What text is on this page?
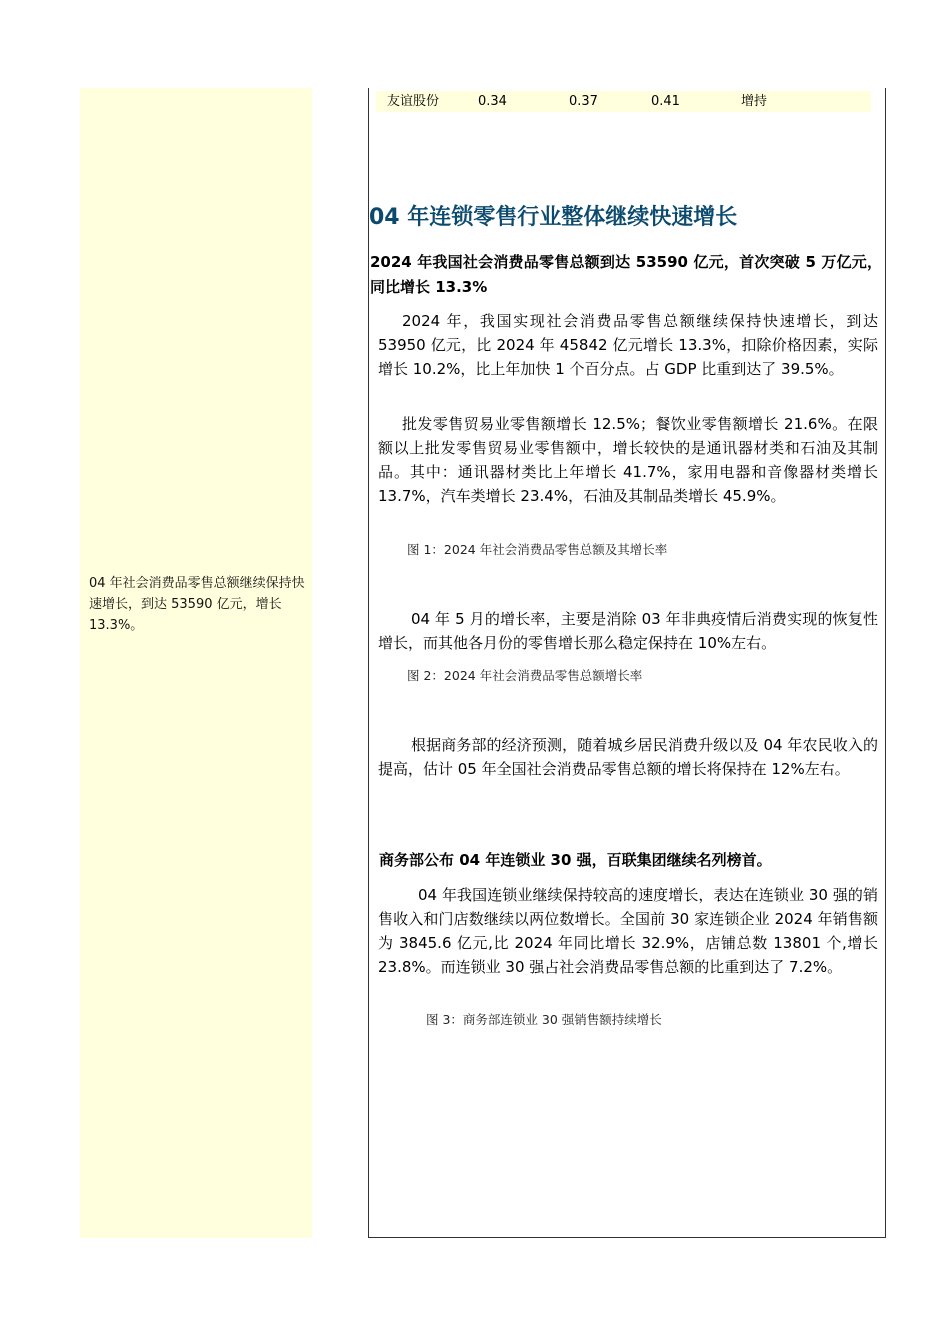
04 年社会消费品零售总额继续保持快速增长，到达 53590 亿元，增长 13.3%。
友谊股份	0.34	0.37	0.41	增持
04 年连锁零售行业整体继续快速增长
2024 年我国社会消费品零售总额到达 53590 亿元，首次突破 5 万亿元，同比增长 13.3%
2024 年，我国实现社会消费品零售总额继续保持快速增长，到达 53950 亿元，比 2024 年 45842 亿元增长 13.3%，扣除价格因素，实际增长 10.2%，比上年加快 1 个百分点。占 GDP 比重到达了 39.5%。
批发零售贸易业零售额增长 12.5%；餐饮业零售额增长 21.6%。在限额以上批发零售贸易业零售额中，增长较快的是通讯器材类和石油及其制品。其中：通讯器材类比上年增长 41.7%，家用电器和音像器材类增长 13.7%，汽车类增长 23.4%，石油及其制品类增长 45.9%。
图 1：2024 年社会消费品零售总额及其增长率
04 年 5 月的增长率，主要是消除 03 年非典疫情后消费实现的恢复性增长，而其他各月份的零售增长那么稳定保持在 10%左右。
图 2：2024 年社会消费品零售总额增长率
根据商务部的经济预测，随着城乡居民消费升级以及 04 年农民收入的提高，估计 05 年全国社会消费品零售总额的增长将保持在 12%左右。
商务部公布 04 年连锁业 30 强，百联集团继续名列榜首。
04 年我国连锁业继续保持较高的速度增长，表达在连锁业 30 强的销售收入和门店数继续以两位数增长。全国前 30 家连锁企业 2024 年销售额为 3845.6 亿元,比 2024 年同比增长 32.9%，店铺总数 13801 个,增长 23.8%。而连锁业 30 强占社会消费品零售总额的比重到达了 7.2%。
图 3：商务部连锁业 30 强销售额持续增长
